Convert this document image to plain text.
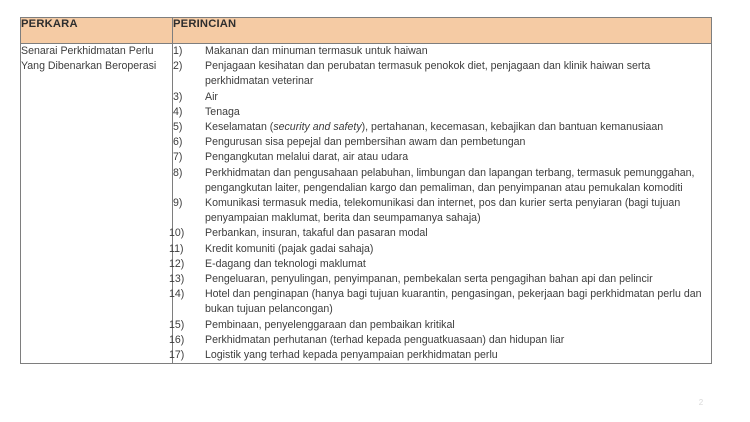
PERKARA	PERINCIAN

Senarai Perkhidmatan Perlu
Yang Dibenarkan Beroperasi

1)	Makanan dan minuman termasuk untuk haiwan
2)	Penjagaan kesihatan dan perubatan termasuk penokok diet, penjagaan dan klinik haiwan serta perkhidmatan veterinar
3)	Air
4)	Tenaga
5)	Keselamatan (security and safety), pertahanan, kecemasan, kebajikan dan bantuan kemanusiaan
6)	Pengurusan sisa pepejal dan pembersihan awam dan pembetungan
7)	Pengangkutan melalui darat, air atau udara
8)	Perkhidmatan dan pengusahaan pelabuhan, limbungan dan lapangan terbang, termasuk pemunggahan, pengangkutan laiter, pengendalian kargo dan pemaliman, dan penyimpanan atau pemukalan komoditi
9)	Komunikasi termasuk media, telekomunikasi dan internet, pos dan kurier serta penyiaran (bagi tujuan penyampaian maklumat, berita dan seumpamanya sahaja)
10)	Perbankan, insuran, takaful dan pasaran modal
11)	Kredit komuniti (pajak gadai sahaja)
12)	E-dagang dan teknologi maklumat
13)	Pengeluaran, penyulingan, penyimpanan, pembekalan serta pengagihan bahan api dan pelincir
14)	Hotel dan penginapan (hanya bagi tujuan kuarantin, pengasingan, pekerjaan bagi perkhidmatan perlu dan bukan tujuan pelancongan)
15)	Pembinaan, penyelenggaraan dan pembaikan kritikal
16)	Perkhidmatan perhutanan (terhad kepada penguatkuasaan) dan hidupan liar
17)	Logistik yang terhad kepada penyampaian perkhidmatan perlu
2
